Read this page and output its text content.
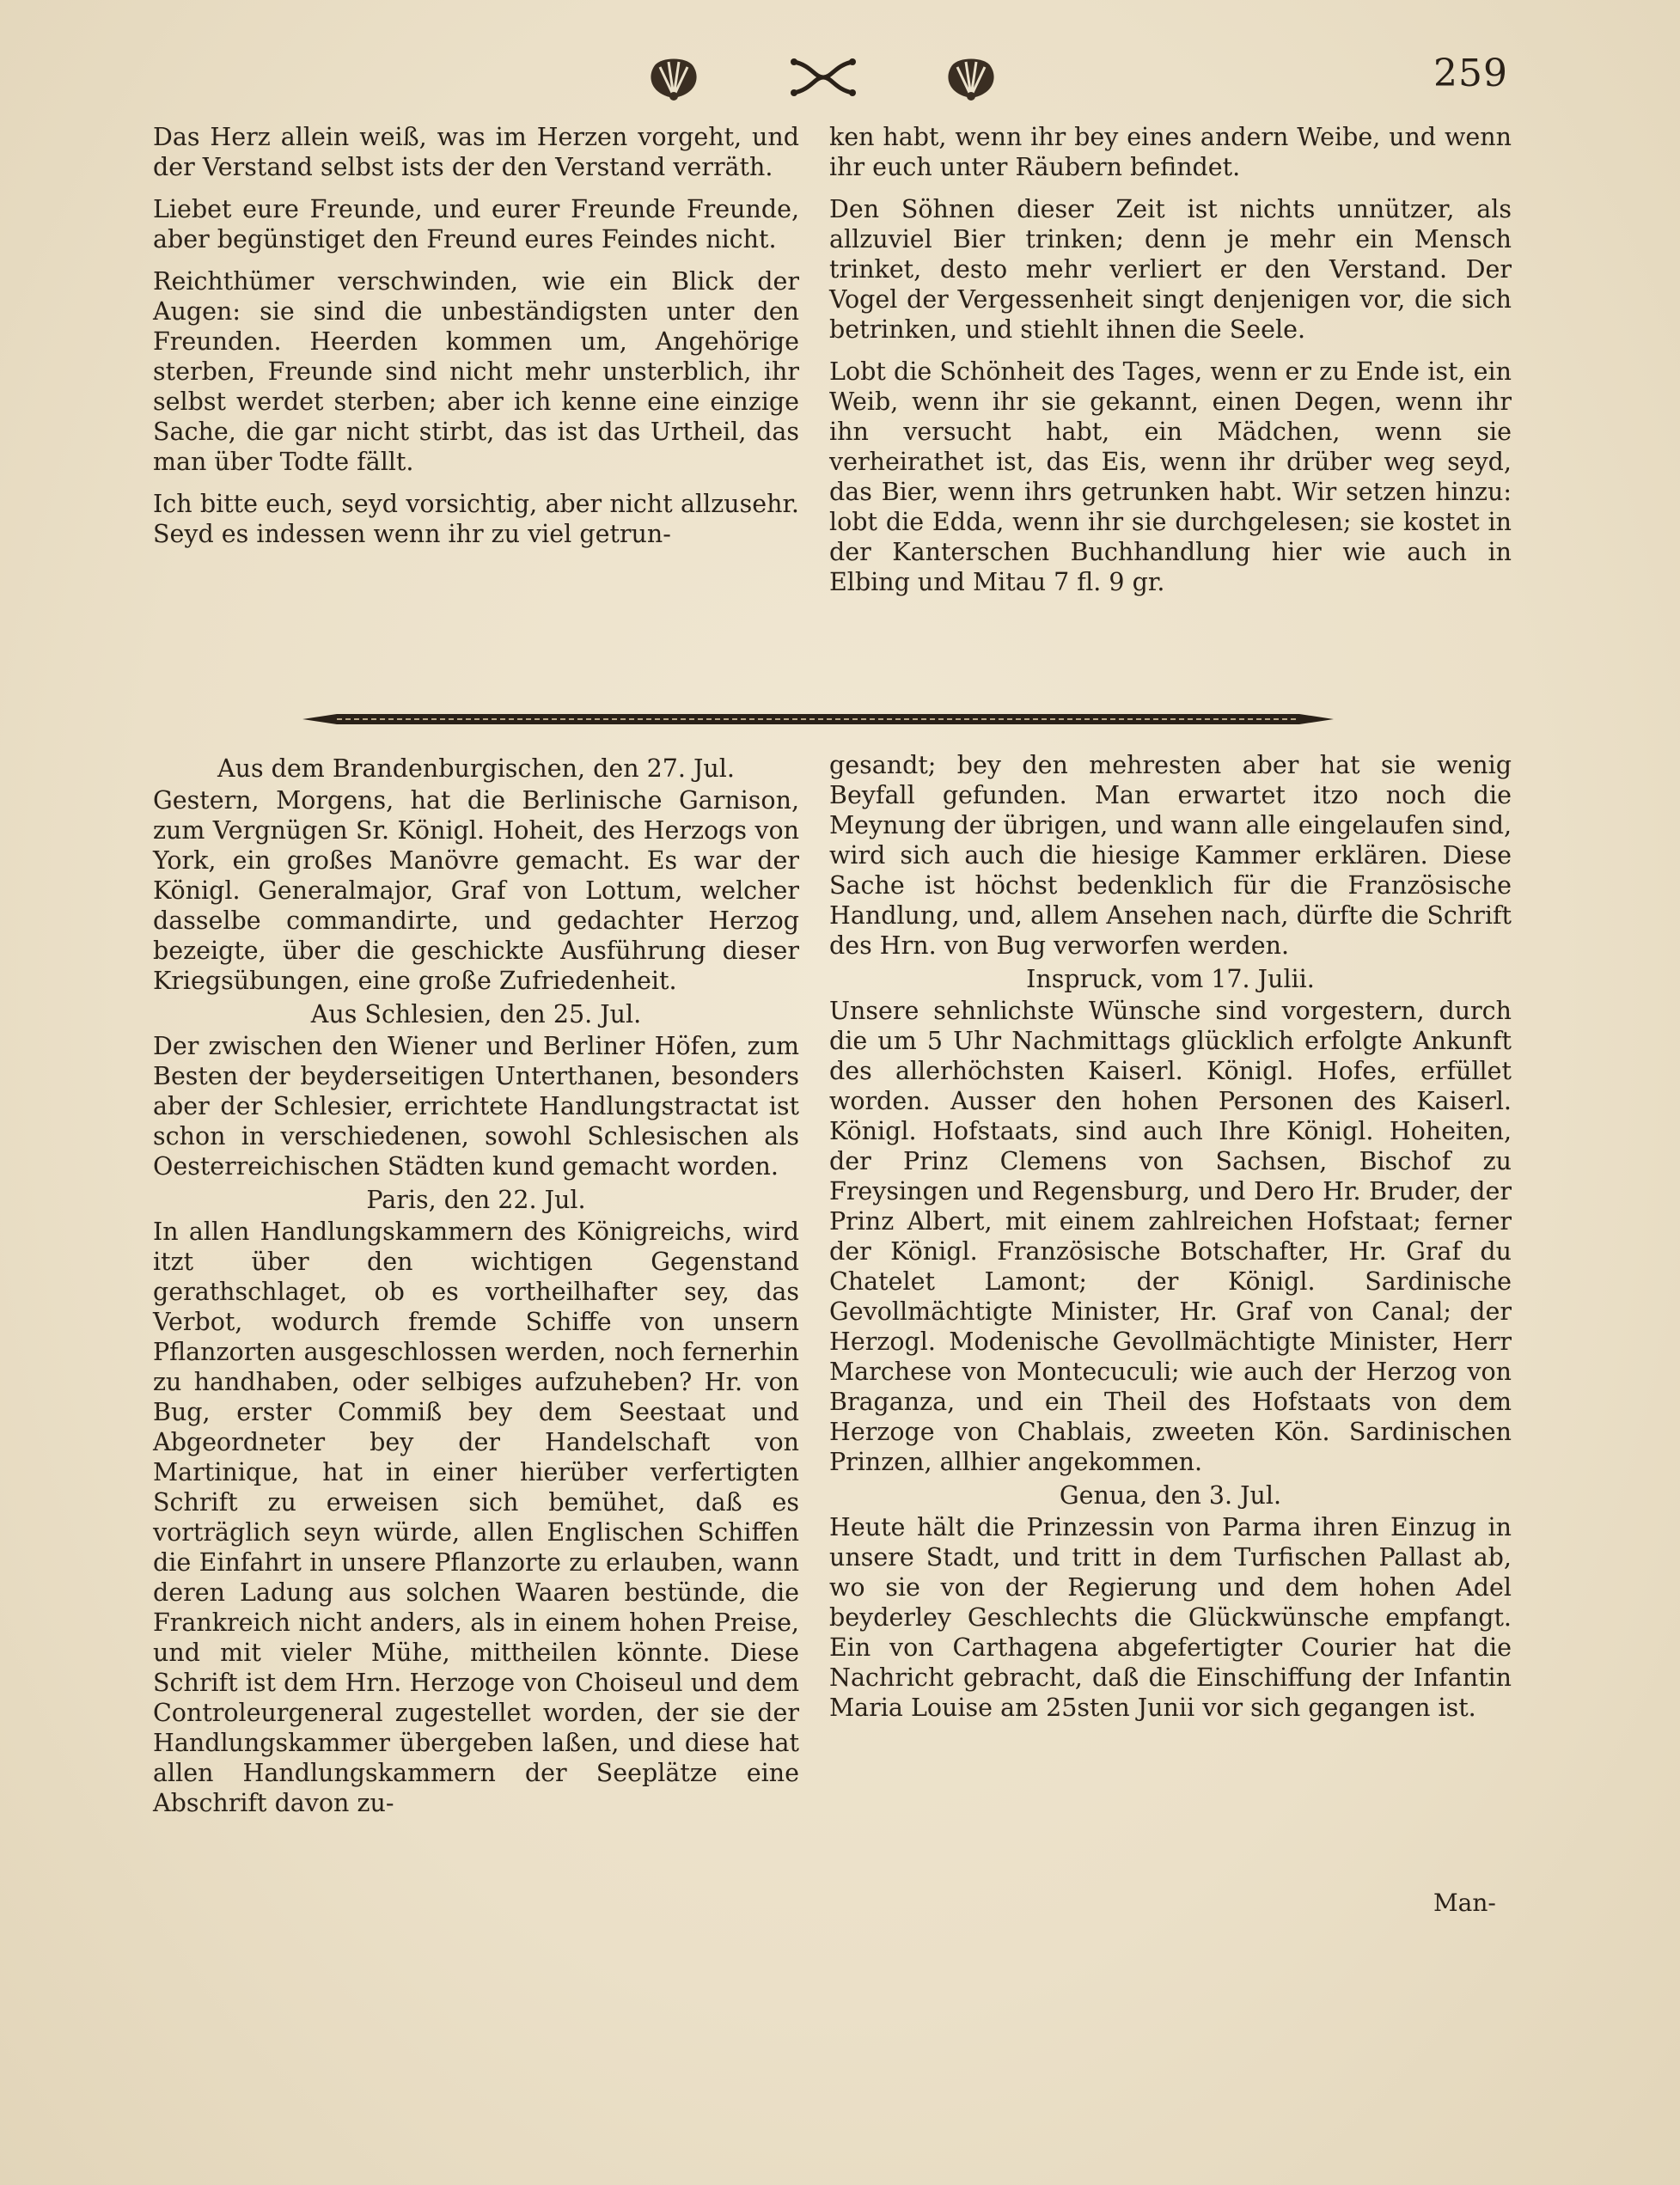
259

Das Herz allein weiß, was im Herzen vorgeht, und der Verstand selbst ists der den Verstand verräth.

Liebet eure Freunde, und eurer Freunde Freunde, aber begünstiget den Freund eures Feindes nicht.

Reichthümer verschwinden, wie ein Blick der Augen: sie sind die unbeständigsten unter den Freunden. Heerden kommen um, Angehörige sterben, Freunde sind nicht mehr unsterblich, ihr selbst werdet sterben; aber ich kenne eine einzige Sache, die gar nicht stirbt, das ist das Urtheil, das man über Todte fällt.

Ich bitte euch, seyd vorsichtig, aber nicht allzusehr. Seyd es indessen wenn ihr zu viel getrun-

ken habt, wenn ihr bey eines andern Weibe, und wenn ihr euch unter Räubern befindet.

Den Söhnen dieser Zeit ist nichts unnützer, als allzuviel Bier trinken; denn je mehr ein Mensch trinket, desto mehr verliert er den Verstand. Der Vogel der Vergessenheit singt denjenigen vor, die sich betrinken, und stiehlt ihnen die Seele.

Lobt die Schönheit des Tages, wenn er zu Ende ist, ein Weib, wenn ihr sie gekannt, einen Degen, wenn ihr ihn versucht habt, ein Mädchen, wenn sie verheirathet ist, das Eis, wenn ihr drüber weg seyd, das Bier, wenn ihrs getrunken habt. Wir setzen hinzu: lobt die Edda, wenn ihr sie durchgelesen; sie kostet in der Kanterschen Buchhandlung hier wie auch in Elbing und Mitau 7 fl. 9 gr.

Aus dem Brandenburgischen, den 27. Jul.

Gestern, Morgens, hat die Berlinische Garnison, zum Vergnügen Sr. Königl. Hoheit, des Herzogs von York, ein großes Manövre gemacht. Es war der Königl. Generalmajor, Graf von Lottum, welcher dasselbe commandirte, und gedachter Herzog bezeigte, über die geschickte Ausführung dieser Kriegsübungen, eine große Zufriedenheit.

Aus Schlesien, den 25. Jul.

Der zwischen den Wiener und Berliner Höfen, zum Besten der beyderseitigen Unterthanen, besonders aber der Schlesier, errichtete Handlungstractat ist schon in verschiedenen, sowohl Schlesischen als Oesterreichischen Städten kund gemacht worden.

Paris, den 22. Jul.

In allen Handlungskammern des Königreichs, wird itzt über den wichtigen Gegenstand gerathschlaget, ob es vortheilhafter sey, das Verbot, wodurch fremde Schiffe von unsern Pflanzorten ausgeschlossen werden, noch fernerhin zu handhaben, oder selbiges aufzuheben? Hr. von Bug, erster Commiß bey dem Seestaat und Abgeordneter bey der Handelschaft von Martinique, hat in einer hierüber verfertigten Schrift zu erweisen sich bemühet, daß es vorträglich seyn würde, allen Englischen Schiffen die Einfahrt in unsere Pflanzorte zu erlauben, wann deren Ladung aus solchen Waaren bestünde, die Frankreich nicht anders, als in einem hohen Preise, und mit vieler Mühe, mittheilen könnte. Diese Schrift ist dem Hrn. Herzoge von Choiseul und dem Controleurgeneral zugestellet worden, der sie der Handlungskammer übergeben laßen, und diese hat allen Handlungskammern der Seeplätze eine Abschrift davon zu-

gesandt; bey den mehresten aber hat sie wenig Beyfall gefunden. Man erwartet itzo noch die Meynung der übrigen, und wann alle eingelaufen sind, wird sich auch die hiesige Kammer erklären. Diese Sache ist höchst bedenklich für die Französische Handlung, und, allem Ansehen nach, dürfte die Schrift des Hrn. von Bug verworfen werden.

Inspruck, vom 17. Julii.

Unsere sehnlichste Wünsche sind vorgestern, durch die um 5 Uhr Nachmittags glücklich erfolgte Ankunft des allerhöchsten Kaiserl. Königl. Hofes, erfüllet worden. Ausser den hohen Personen des Kaiserl. Königl. Hofstaats, sind auch Ihre Königl. Hoheiten, der Prinz Clemens von Sachsen, Bischof zu Freysingen und Regensburg, und Dero Hr. Bruder, der Prinz Albert, mit einem zahlreichen Hofstaat; ferner der Königl. Französische Botschafter, Hr. Graf du Chatelet Lamont; der Königl. Sardinische Gevollmächtigte Minister, Hr. Graf von Canal; der Herzogl. Modenische Gevollmächtigte Minister, Herr Marchese von Montecuculi; wie auch der Herzog von Braganza, und ein Theil des Hofstaats von dem Herzoge von Chablais, zweeten Kön. Sardinischen Prinzen, allhier angekommen.

Genua, den 3. Jul.

Heute hält die Prinzessin von Parma ihren Einzug in unsere Stadt, und tritt in dem Turfischen Pallast ab, wo sie von der Regierung und dem hohen Adel beyderley Geschlechts die Glückwünsche empfangt. Ein von Carthagena abgefertigter Courier hat die Nachricht gebracht, daß die Einschiffung der Infantin Maria Louise am 25sten Junii vor sich gegangen ist.

Man-
